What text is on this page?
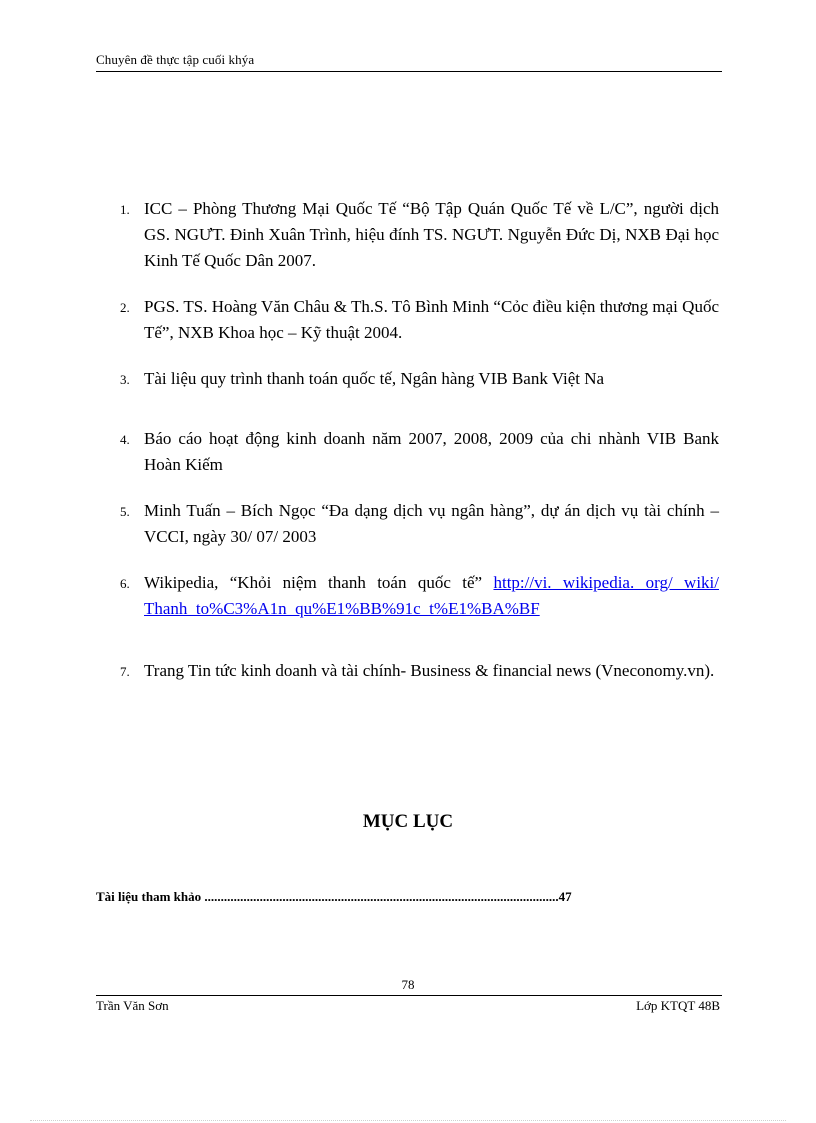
Chuyên đề thực tập cuối khýa
1. ICC – Phòng Thương Mại Quốc Tế “Bộ Tập Quán Quốc Tế về L/C”, người dịch GS. NGƯT. Đinh Xuân Trình, hiệu đính TS. NGƯT. Nguyễn Đức Dị, NXB Đại học Kinh Tế Quốc Dân 2007.
2. PGS. TS. Hoàng Văn Châu & Th.S. Tô Bình Minh “Cỏc điều kiện thương mại Quốc Tế”, NXB Khoa học – Kỹ thuật 2004.
3. Tài liệu quy trình thanh toán quốc tế, Ngân hàng VIB Bank Việt Na
4. Báo cáo hoạt động kinh doanh năm 2007, 2008, 2009 của chi nhành VIB Bank Hoàn Kiếm
5. Minh Tuấn – Bích Ngọc “Đa dạng dịch vụ ngân hàng”, dự án dịch vụ tài chính – VCCI, ngày 30/ 07/ 2003
6. Wikipedia, “Khỏi niệm thanh toán quốc tế” http://vi. wikipedia. org/ wiki/ Thanh_to%C3%A1n_qu%E1%BB%91c_t%E1%BA%BF
7. Trang Tin tức kinh doanh và tài chính- Business & financial news (Vneconomy.vn).
MỤC LỤC
Tài liệu tham khảo .............................................................................................................47
78
Trần Văn Sơn	Lớp KTQT 48B
